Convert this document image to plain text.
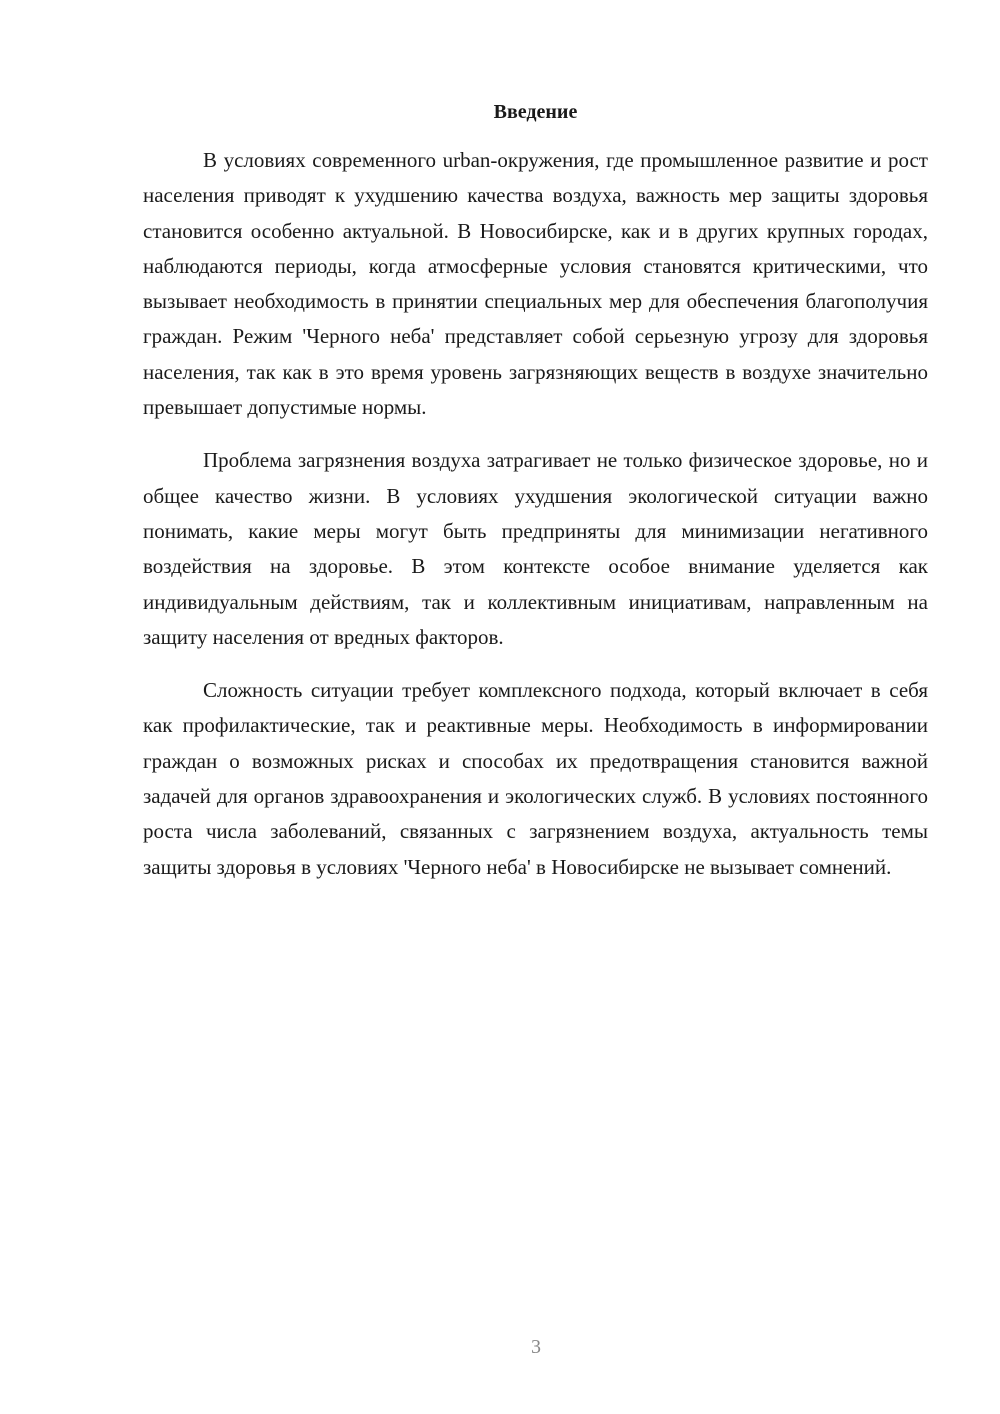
Введение

В условиях современного urban-окружения, где промышленное развитие и рост населения приводят к ухудшению качества воздуха, важность мер защиты здоровья становится особенно актуальной. В Новосибирске, как и в других крупных городах, наблюдаются периоды, когда атмосферные условия становятся критическими, что вызывает необходимость в принятии специальных мер для обеспечения благополучия граждан. Режим 'Черного неба' представляет собой серьезную угрозу для здоровья населения, так как в это время уровень загрязняющих веществ в воздухе значительно превышает допустимые нормы.

Проблема загрязнения воздуха затрагивает не только физическое здоровье, но и общее качество жизни. В условиях ухудшения экологической ситуации важно понимать, какие меры могут быть предприняты для минимизации негативного воздействия на здоровье. В этом контексте особое внимание уделяется как индивидуальным действиям, так и коллективным инициативам, направленным на защиту населения от вредных факторов.

Сложность ситуации требует комплексного подхода, который включает в себя как профилактические, так и реактивные меры. Необходимость в информировании граждан о возможных рисках и способах их предотвращения становится важной задачей для органов здравоохранения и экологических служб. В условиях постоянного роста числа заболеваний, связанных с загрязнением воздуха, актуальность темы защиты здоровья в условиях 'Черного неба' в Новосибирске не вызывает сомнений.

3
